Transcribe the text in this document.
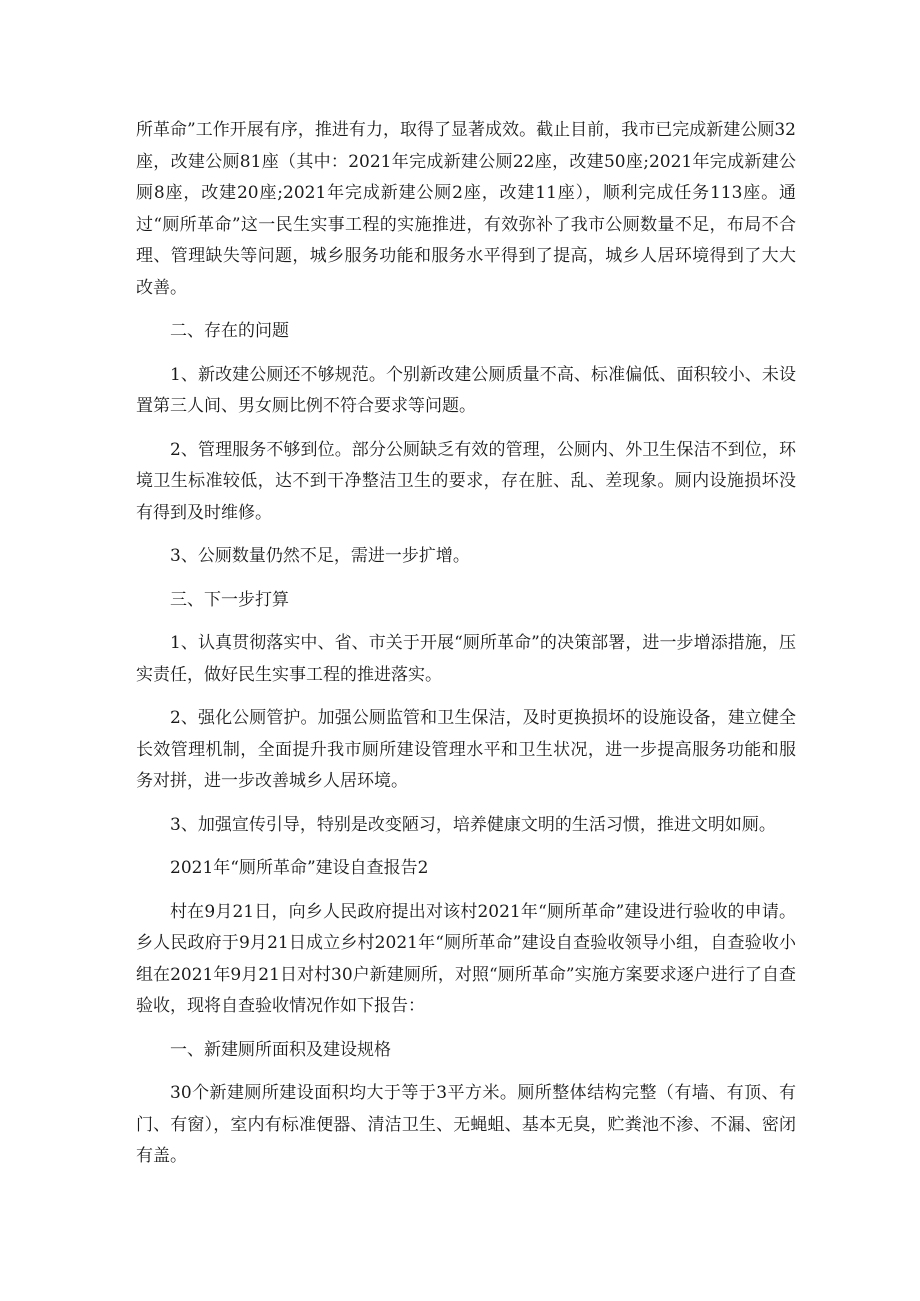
所革命”工作开展有序，推进有力，取得了显著成效。截止目前，我市已完成新建公厕32座，改建公厕81座（其中：2021年完成新建公厕22座，改建50座;2021年完成新建公厕8座，改建20座;2021年完成新建公厕2座，改建11座），顺利完成任务113座。通过“厕所革命”这一民生实事工程的实施推进，有效弥补了我市公厕数量不足，布局不合理、管理缺失等问题，城乡服务功能和服务水平得到了提高，城乡人居环境得到了大大改善。

二、存在的问题

1、新改建公厕还不够规范。个别新改建公厕质量不高、标准偏低、面积较小、未设置第三人间、男女厕比例不符合要求等问题。

2、管理服务不够到位。部分公厕缺乏有效的管理，公厕内、外卫生保洁不到位，环境卫生标准较低，达不到干净整洁卫生的要求，存在脏、乱、差现象。厕内设施损坏没有得到及时维修。

3、公厕数量仍然不足，需进一步扩增。

三、下一步打算

1、认真贯彻落实中、省、市关于开展“厕所革命”的决策部署，进一步增添措施，压实责任，做好民生实事工程的推进落实。

2、强化公厕管护。加强公厕监管和卫生保洁，及时更换损坏的设施设备，建立健全长效管理机制，全面提升我市厕所建设管理水平和卫生状况，进一步提高服务功能和服务对拼，进一步改善城乡人居环境。

3、加强宣传引导，特别是改变陋习，培养健康文明的生活习惯，推进文明如厕。

2021年“厕所革命”建设自查报告2

村在9月21日，向乡人民政府提出对该村2021年“厕所革命”建设进行验收的申请。乡人民政府于9月21日成立乡村2021年“厕所革命”建设自查验收领导小组，自查验收小组在2021年9月21日对村30户新建厕所，对照“厕所革命”实施方案要求逐户进行了自查验收，现将自查验收情况作如下报告：

一、新建厕所面积及建设规格

30个新建厕所建设面积均大于等于3平方米。厕所整体结构完整（有墙、有顶、有门、有窗），室内有标准便器、清洁卫生、无蝇蛆、基本无臭，贮粪池不渗、不漏、密闭有盖。
